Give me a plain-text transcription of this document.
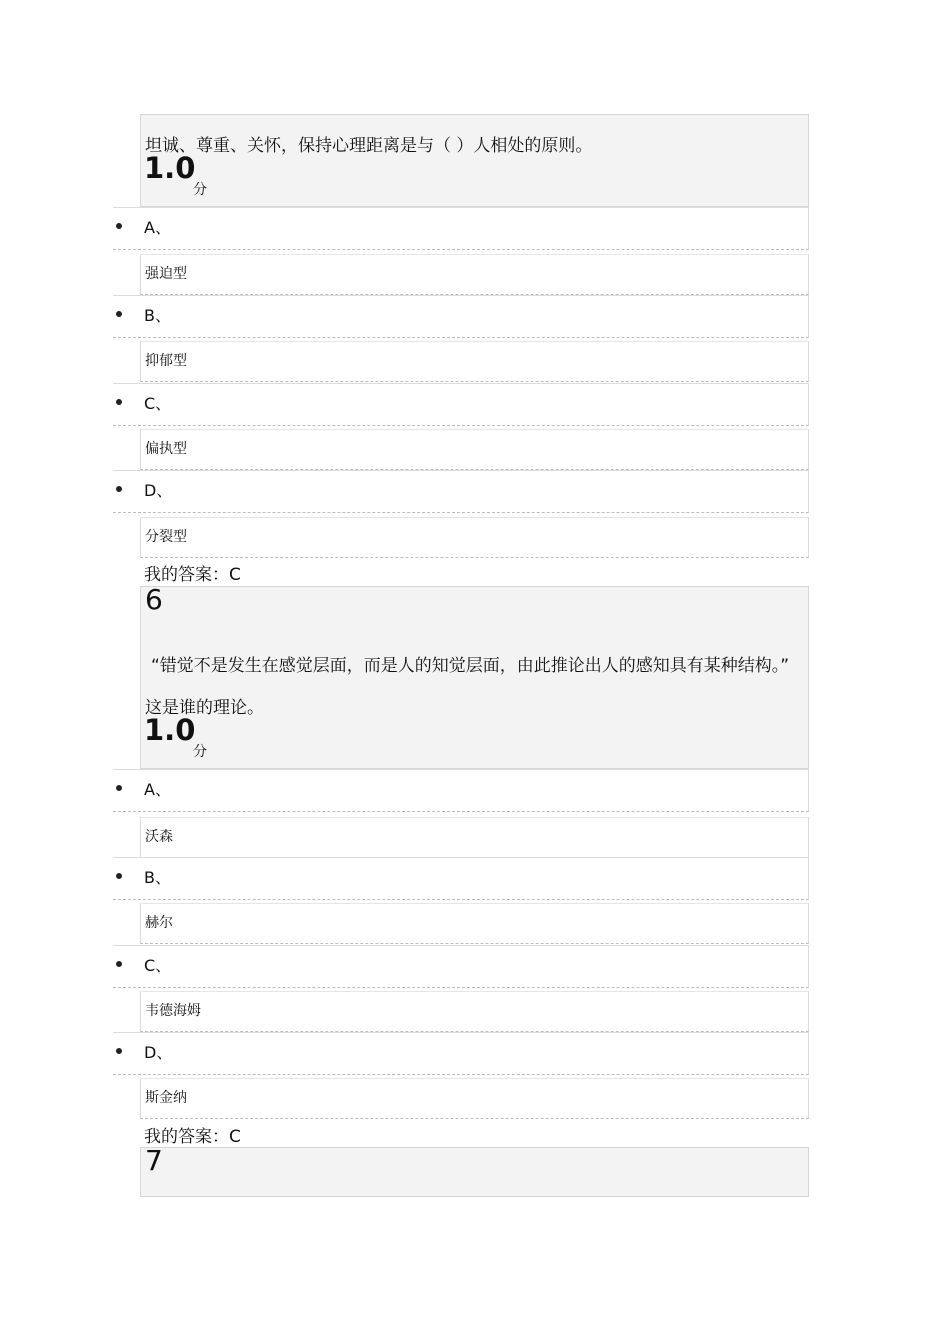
坦诚、尊重、关怀，保持心理距离是与（ ）人相处的原则。
1.0
分
A、
强迫型
B、
抑郁型
C、
偏执型
D、
分裂型
我的答案：C
6
“错觉不是发生在感觉层面，而是人的知觉层面，由此推论出人的感知具有某种结构。”
这是谁的理论。
1.0
分
A、
沃森
B、
赫尔
C、
韦德海姆
D、
斯金纳
我的答案：C
7
